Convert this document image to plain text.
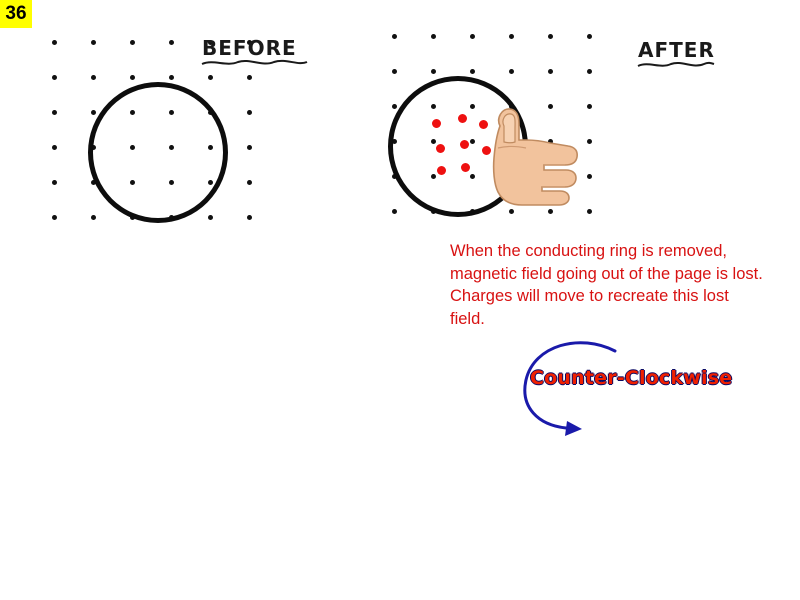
36
BEFORE	AFTER
When the conducting ring is removed, magnetic field going out of the page is lost. Charges will move to recreate this lost field.
Counter-Clockwise
